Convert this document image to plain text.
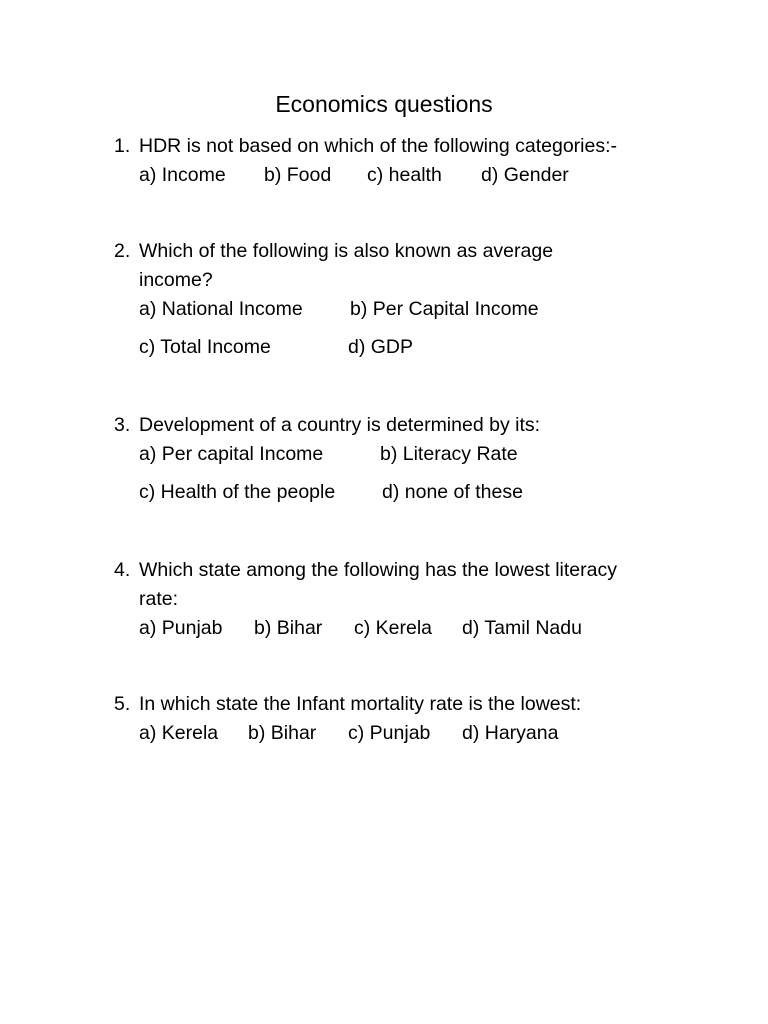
Economics questions
1. HDR is not based on which of the following categories:-
a) Income b) Food c) health d) Gender
2. Which of the following is also known as average
income?
a) National Income b) Per Capital Income
c) Total Income	d) GDP
3. Development of a country is determined by its:
a) Per capital Income	b) Literacy Rate
c) Health of the people d) none of these
4. Which state among the following has the lowest literacy
rate:
a) Punjab b) Bihar c) Kerela d) Tamil Nadu
5. In which state the Infant mortality rate is the lowest:
a) Kerela b) Bihar c) Punjab d) Haryana
